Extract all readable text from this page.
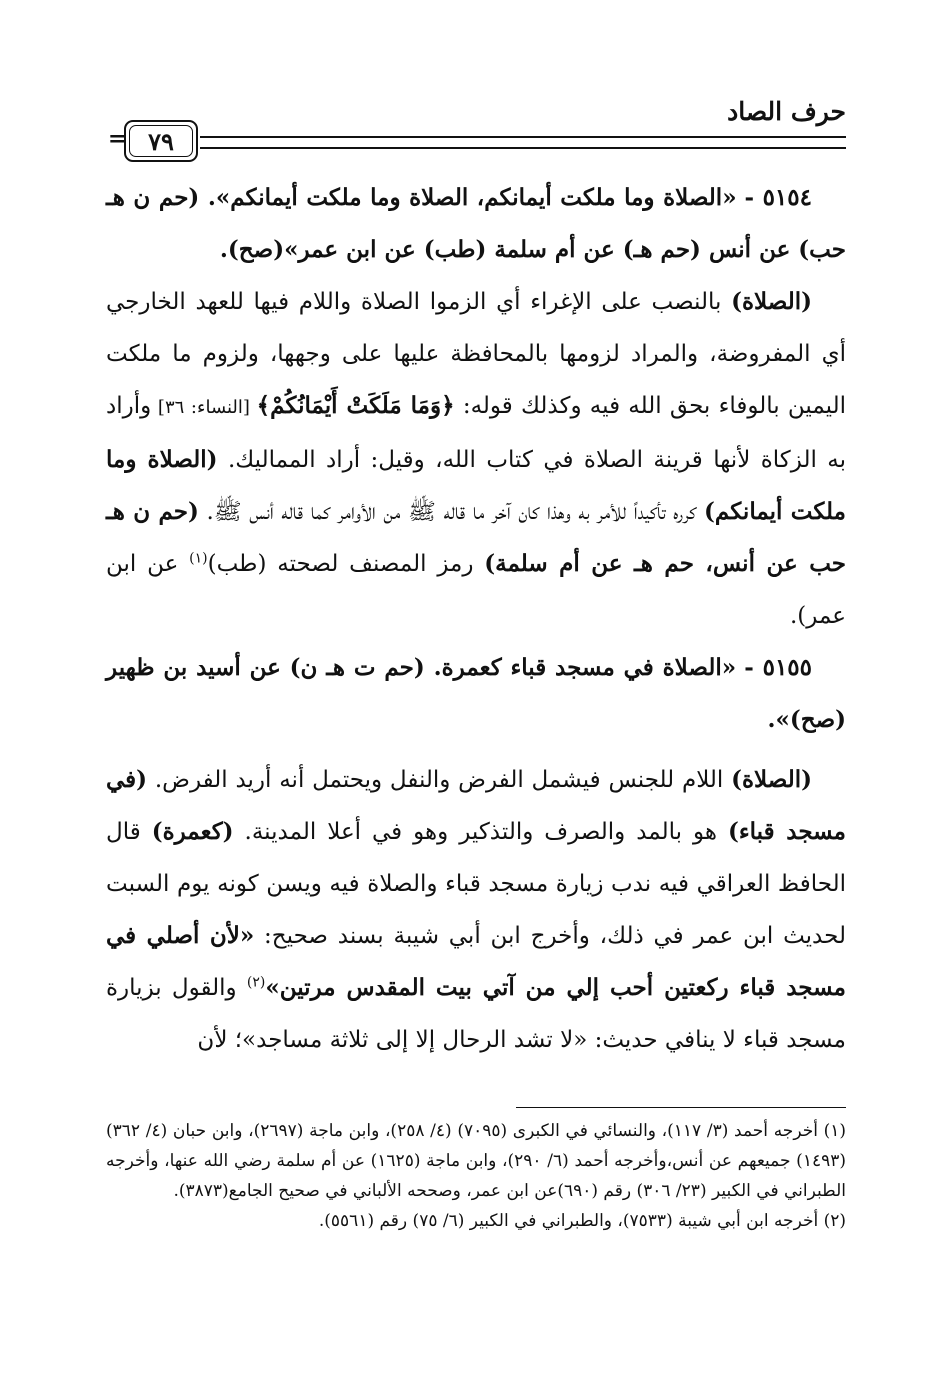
حرف الصاد
٧٩
=

٥١٥٤ - «الصلاة وما ملكت أيمانكم، الصلاة وما ملكت أيمانكم». (حم ن هـ حب) عن أنس (حم هـ) عن أم سلمة (طب) عن ابن عمر»(صح).

(الصلاة) بالنصب على الإغراء أي الزموا الصلاة واللام فيها للعهد الخارجي أي المفروضة، والمراد لزومها بالمحافظة عليها على وجهها، ولزوم ما ملكت اليمين بالوفاء بحق الله فيه وكذلك قوله: ﴿وَمَا مَلَكَتْ أَيْمَانُكُمْ﴾ [النساء: ٣٦] وأراد به الزكاة لأنها قرينة الصلاة في كتاب الله، وقيل: أراد المماليك. (الصلاة وما ملكت أيمانكم) كرره تأكيداً للأمر به وهذا كان آخر ما قاله ﷺ من الأوامر كما قاله أنس ﷺ. (حم ن هـ حب عن أنس، حم هـ عن أم سلمة) رمز المصنف لصحته (طب)$^{(١)}$ عن ابن عمر).

٥١٥٥ - «الصلاة في مسجد قباء كعمرة. (حم ت هـ ن) عن أسيد بن ظهير (صح)».

(الصلاة) اللام للجنس فيشمل الفرض والنفل ويحتمل أنه أريد الفرض. (في مسجد قباء) هو بالمد والصرف والتذكير وهو في أعلا المدينة. (كعمرة) قال الحافظ العراقي فيه ندب زيارة مسجد قباء والصلاة فيه ويسن كونه يوم السبت لحديث ابن عمر في ذلك، وأخرج ابن أبي شيبة بسند صحيح: «لأن أصلي في مسجد قباء ركعتين أحب إلي من آتي بيت المقدس مرتين»$^{(٢)}$ والقول بزيارة مسجد قباء لا ينافي حديث: «لا تشد الرحال إلا إلى ثلاثة مساجد»؛ لأن

(١) أخرجه أحمد (٣/ ١١٧)، والنسائي في الكبرى (٧٠٩٥) (٤/ ٢٥٨)، وابن ماجة (٢٦٩٧)، وابن حبان (٤/ ٣٦٢) (١٤٩٣) جميعهم عن أنس،وأخرجه أحمد (٦/ ٢٩٠)، وابن ماجة (١٦٢٥) عن أم سلمة رضي الله عنها، وأخرجه الطبراني في الكبير (٢٣/ ٣٠٦) رقم (٦٩٠)عن ابن عمر، وصححه الألباني في صحيح الجامع(٣٨٧٣).

(٢) أخرجه ابن أبي شيبة (٧٥٣٣)، والطبراني في الكبير (٦/ ٧٥) رقم (٥٥٦١).
